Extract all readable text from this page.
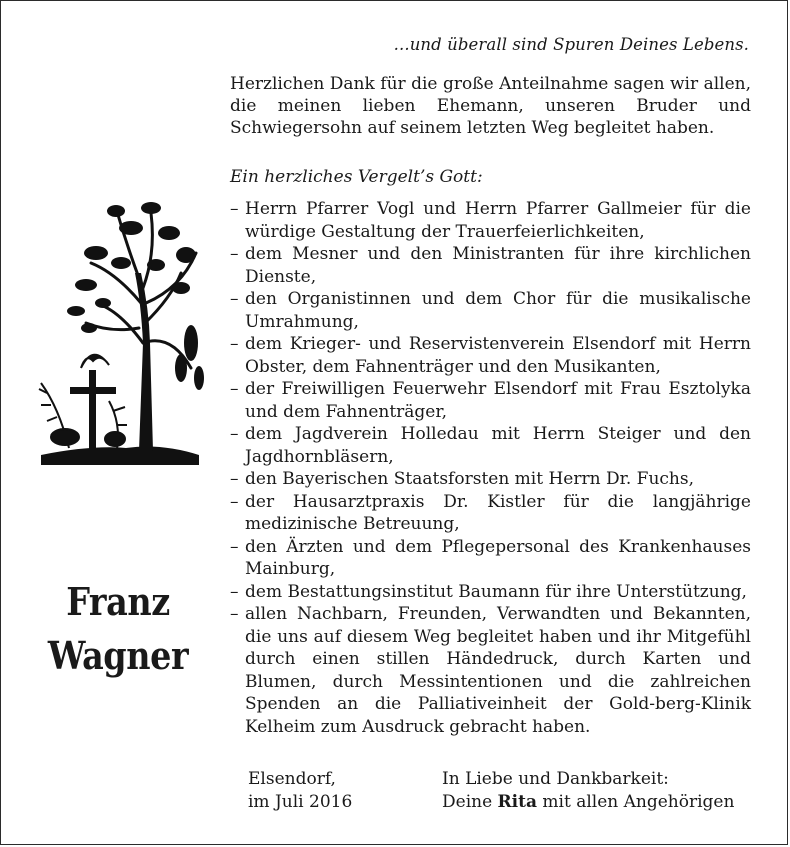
...und überall sind Spuren Deines Lebens.
Herzlichen Dank für die große Anteilnahme sagen wir allen, die meinen lieben Ehemann, unseren Bruder und Schwiegersohn auf seinem letzten Weg begleitet haben.
Ein herzliches Vergelt’s Gott:
– Herrn Pfarrer Vogl und Herrn Pfarrer Gallmeier für die würdige Gestaltung der Trauerfeierlichkeiten,
– dem Mesner und den Ministranten für ihre kirchlichen Dienste,
– den Organistinnen und dem Chor für die musikalische Umrahmung,
– dem Krieger- und Reservistenverein Elsendorf mit Herrn Obster, dem Fahnenträger und den Musikanten,
– der Freiwilligen Feuerwehr Elsendorf mit Frau Esztolyka und dem Fahnenträger,
– dem Jagdverein Holledau mit Herrn Steiger und den Jagdhornbläsern,
– den Bayerischen Staatsforsten mit Herrn Dr. Fuchs,
– der Hausarztpraxis Dr. Kistler für die langjährige medizinische Betreuung,
– den Ärzten und dem Pflegepersonal des Krankenhauses Mainburg,
– dem Bestattungsinstitut Baumann für ihre Unterstützung,
– allen Nachbarn, Freunden, Verwandten und Bekannten, die uns auf diesem Weg begleitet haben und ihr Mitgefühl durch einen stillen Händedruck, durch Karten und Blumen, durch Messintentionen und die zahlreichen Spenden an die Palliativeinheit der Gold-berg-Klinik Kelheim zum Ausdruck gebracht haben.
Franz
Wagner
Elsendorf,
im Juli 2016
In Liebe und Dankbarkeit:
Deine Rita mit allen Angehörigen
